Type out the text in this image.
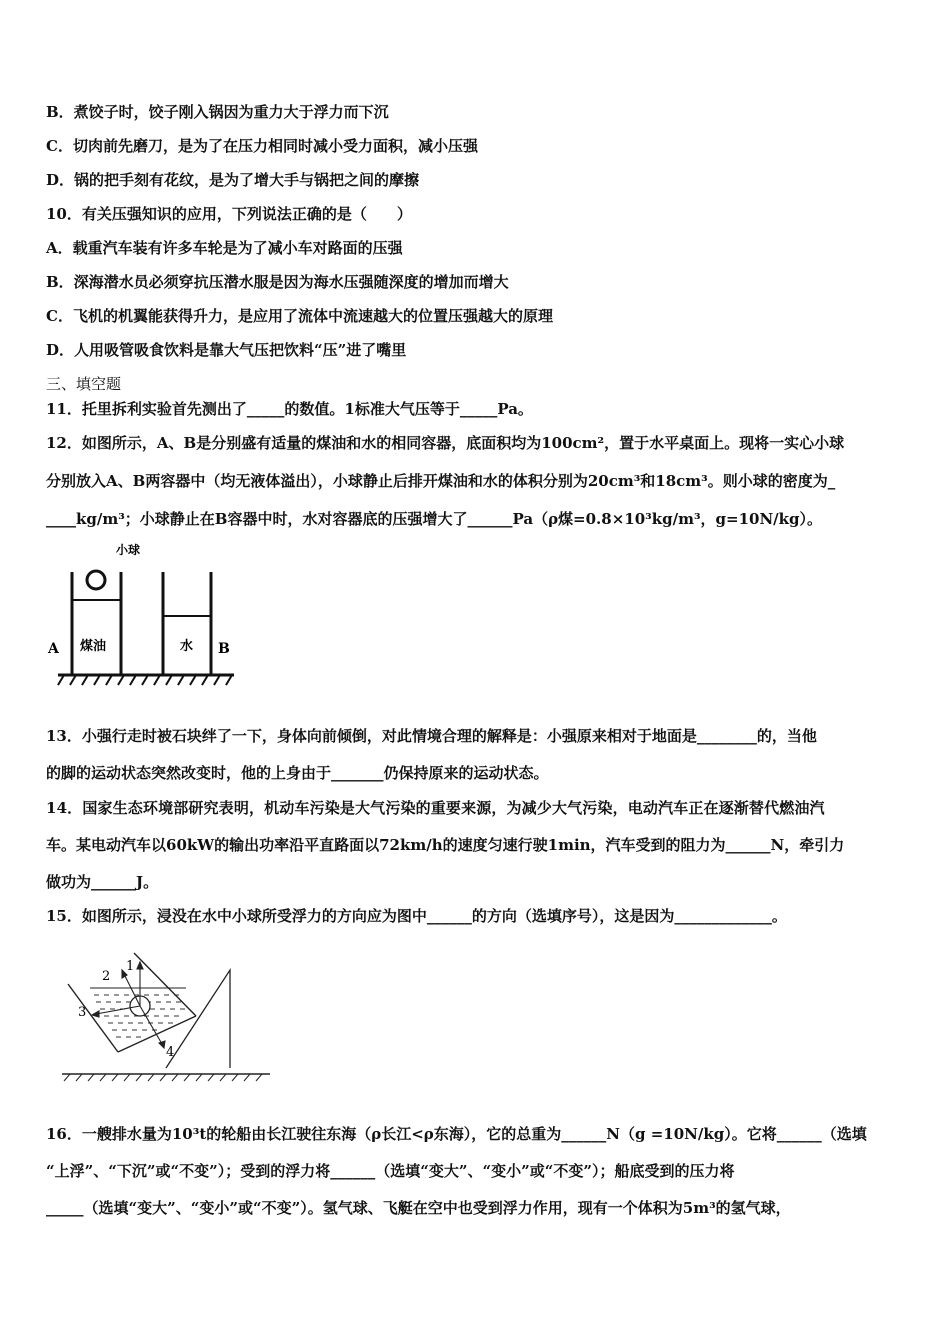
B．煮饺子时，饺子刚入锅因为重力大于浮力而下沉
C．切肉前先磨刀，是为了在压力相同时减小受力面积，减小压强
D．锅的把手刻有花纹，是为了增大手与锅把之间的摩擦
10．有关压强知识的应用，下列说法正确的是（　　）
A．载重汽车装有许多车轮是为了减小车对路面的压强
B．深海潜水员必须穿抗压潜水服是因为海水压强随深度的增加而增大
C．飞机的机翼能获得升力，是应用了流体中流速越大的位置压强越大的原理
D．人用吸管吸食饮料是靠大气压把饮料“压”进了嘴里
三、填空题
11．托里拆利实验首先测出了_____的数值。1标准大气压等于_____Pa。
12．如图所示，A、B是分别盛有适量的煤油和水的相同容器，底面积均为100cm²，置于水平桌面上。现将一实心小球
分别放入A、B两容器中（均无液体溢出），小球静止后排开煤油和水的体积分别为20cm³和18cm³。则小球的密度为_
____kg/m³；小球静止在B容器中时，水对容器底的压强增大了______Pa（ρ煤=0.8×10³kg/m³，g=10N/kg）。
小球
煤油	水
A	B
13．小强行走时被石块绊了一下，身体向前倾倒，对此情境合理的解释是：小强原来相对于地面是________的，当他
的脚的运动状态突然改变时，他的上身由于_______仍保持原来的运动状态。
14．国家生态环境部研究表明，机动车污染是大气污染的重要来源，为减少大气污染，电动汽车正在逐渐替代燃油汽
车。某电动汽车以60kW的输出功率沿平直路面以72km/h的速度匀速行驶1min，汽车受到的阻力为______N，牵引力
做功为______J。
15．如图所示，浸没在水中小球所受浮力的方向应为图中______的方向（选填序号），这是因为_____________。
1
2
3
4
16．一艘排水量为10³t的轮船由长江驶往东海（ρ长江<ρ东海），它的总重为______N（g =10N/kg）。它将______（选填
“上浮”、“下沉”或“不变”）；受到的浮力将______（选填“变大”、“变小”或“不变”）；船底受到的压力将
_____（选填“变大”、“变小”或“不变”）。氢气球、飞艇在空中也受到浮力作用，现有一个体积为5m³的氢气球，
